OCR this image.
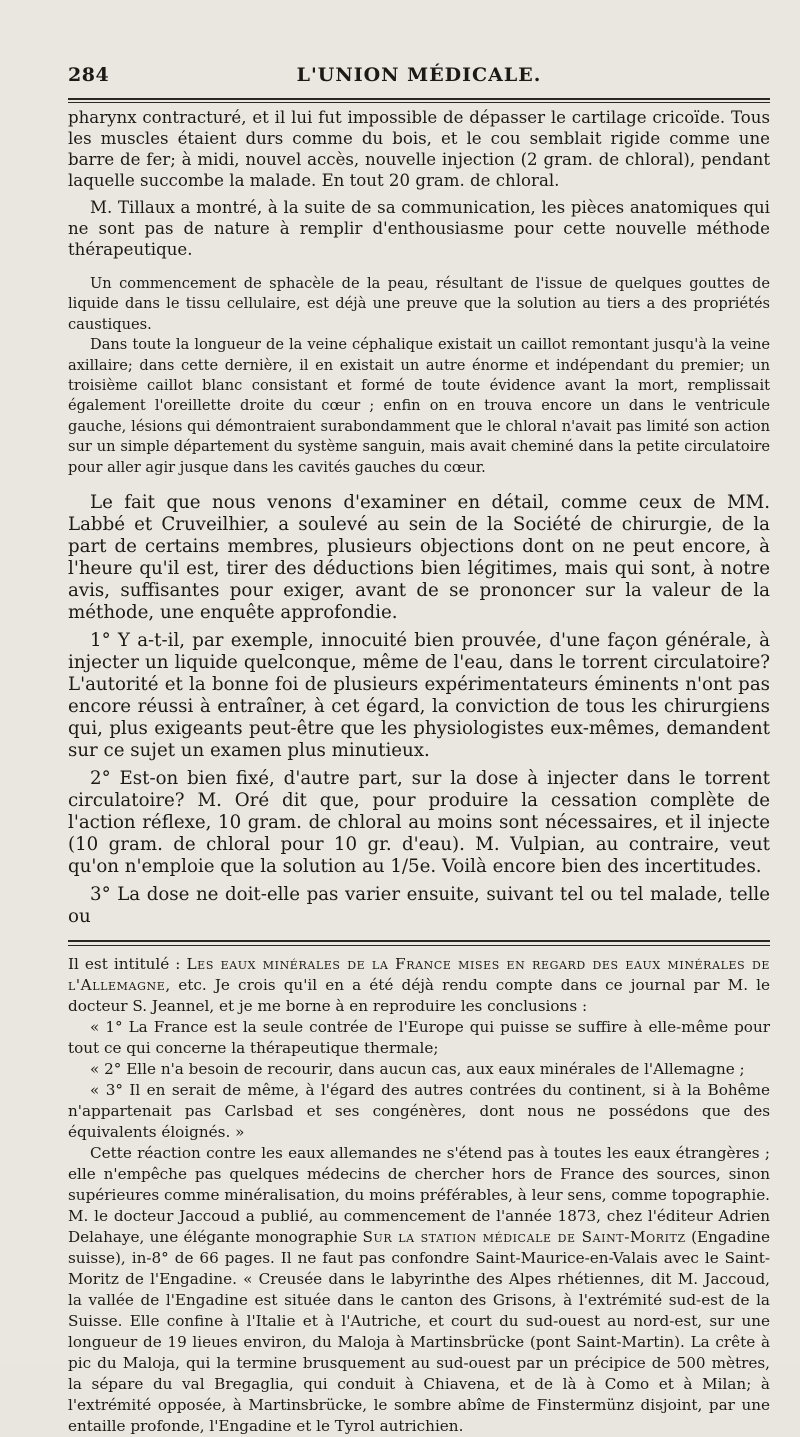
284	L'UNION MÉDICALE.

pharynx contracturé, et il lui fut impossible de dépasser le cartilage cricoïde. Tous les muscles étaient durs comme du bois, et le cou semblait rigide comme une barre de fer; à midi, nouvel accès, nouvelle injection (2 gram. de chloral), pendant laquelle succombe la malade. En tout 20 gram. de chloral.

M. Tillaux a montré, à la suite de sa communication, les pièces anatomiques qui ne sont pas de nature à remplir d'enthousiasme pour cette nouvelle méthode thérapeutique.

Un commencement de sphacèle de la peau, résultant de l'issue de quelques gouttes de liquide dans le tissu cellulaire, est déjà une preuve que la solution au tiers a des propriétés caustiques.

Dans toute la longueur de la veine céphalique existait un caillot remontant jusqu'à la veine axillaire; dans cette dernière, il en existait un autre énorme et indépendant du premier; un troisième caillot blanc consistant et formé de toute évidence avant la mort, remplissait également l'oreillette droite du cœur ; enfin on en trouva encore un dans le ventricule gauche, lésions qui démontraient surabondamment que le chloral n'avait pas limité son action sur un simple département du système sanguin, mais avait cheminé dans la petite circulatoire pour aller agir jusque dans les cavités gauches du cœur.

Le fait que nous venons d'examiner en détail, comme ceux de MM. Labbé et Cruveilhier, a soulevé au sein de la Société de chirurgie, de la part de certains membres, plusieurs objections dont on ne peut encore, à l'heure qu'il est, tirer des déductions bien légitimes, mais qui sont, à notre avis, suffisantes pour exiger, avant de se prononcer sur la valeur de la méthode, une enquête approfondie.

1° Y a-t-il, par exemple, innocuité bien prouvée, d'une façon générale, à injecter un liquide quelconque, même de l'eau, dans le torrent circulatoire? L'autorité et la bonne foi de plusieurs expérimentateurs éminents n'ont pas encore réussi à entraîner, à cet égard, la conviction de tous les chirurgiens qui, plus exigeants peut-être que les physiologistes eux-mêmes, demandent sur ce sujet un examen plus minutieux.

2° Est-on bien fixé, d'autre part, sur la dose à injecter dans le torrent circulatoire? M. Oré dit que, pour produire la cessation complète de l'action réflexe, 10 gram. de chloral au moins sont nécessaires, et il injecte (10 gram. de chloral pour 10 gr. d'eau). M. Vulpian, au contraire, veut qu'on n'emploie que la solution au 1/5e. Voilà encore bien des incertitudes.

3° La dose ne doit-elle pas varier ensuite, suivant tel ou tel malade, telle ou

Il est intitulé : Les eaux minérales de la France mises en regard des eaux minérales de l'Allemagne, etc. Je crois qu'il en a été déjà rendu compte dans ce journal par M. le docteur S. Jeannel, et je me borne à en reproduire les conclusions :

« 1° La France est la seule contrée de l'Europe qui puisse se suffire à elle-même pour tout ce qui concerne la thérapeutique thermale;

« 2° Elle n'a besoin de recourir, dans aucun cas, aux eaux minérales de l'Allemagne ;

« 3° Il en serait de même, à l'égard des autres contrées du continent, si à la Bohême n'appartenait pas Carlsbad et ses congénères, dont nous ne possédons que des équivalents éloignés. »

Cette réaction contre les eaux allemandes ne s'étend pas à toutes les eaux étrangères ; elle n'empêche pas quelques médecins de chercher hors de France des sources, sinon supérieures comme minéralisation, du moins préférables, à leur sens, comme topographie. M. le docteur Jaccoud a publié, au commencement de l'année 1873, chez l'éditeur Adrien Delahaye, une élégante monographie Sur la station médicale de Saint-Moritz (Engadine suisse), in-8° de 66 pages. Il ne faut pas confondre Saint-Maurice-en-Valais avec le Saint-Moritz de l'Engadine. « Creusée dans le labyrinthe des Alpes rhétiennes, dit M. Jaccoud, la vallée de l'Engadine est située dans le canton des Grisons, à l'extrémité sud-est de la Suisse. Elle confine à l'Italie et à l'Autriche, et court du sud-ouest au nord-est, sur une longueur de 19 lieues environ, du Maloja à Martinsbrücke (pont Saint-Martin). La crête à pic du Maloja, qui la termine brusquement au sud-ouest par un précipice de 500 mètres, la sépare du val Bregaglia, qui conduit à Chiavena, et de là à Como et à Milan; à l'extrémité opposée, à Martinsbrücke, le sombre abîme de Finstermünz disjoint, par une entaille profonde, l'Engadine et le Tyrol autrichien.
